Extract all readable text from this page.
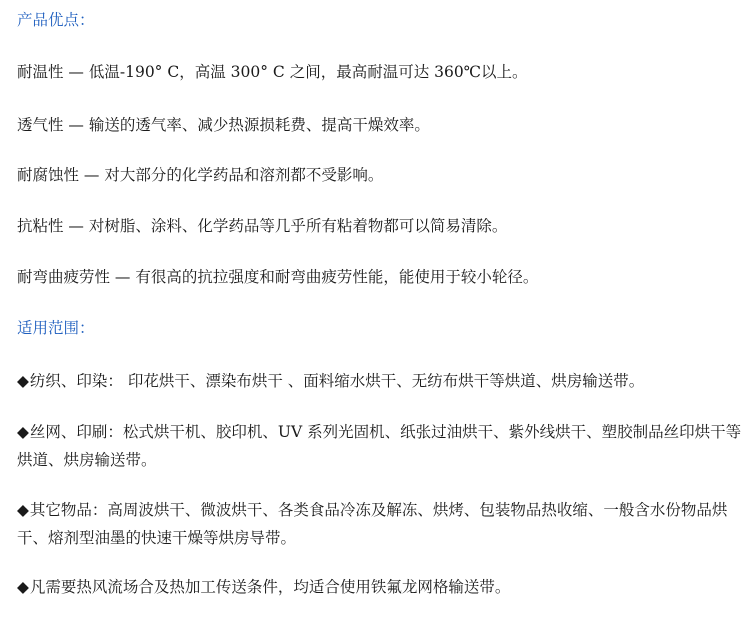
产品优点：
耐温性 — 低温-190° C，高温 300° C 之间，最高耐温可达 360℃以上。
透气性 — 输送的透气率、减少热源损耗费、提高干燥效率。
耐腐蚀性 — 对大部分的化学药品和溶剂都不受影响。
抗粘性 — 对树脂、涂料、化学药品等几乎所有粘着物都可以简易清除。
耐弯曲疲劳性 — 有很高的抗拉强度和耐弯曲疲劳性能，能使用于较小轮径。
适用范围：
◆纺织、印染： 印花烘干、漂染布烘干 、面料缩水烘干、无纺布烘干等烘道、烘房输送带。
◆丝网、印刷：松式烘干机、胶印机、UV 系列光固机、纸张过油烘干、紫外线烘干、塑胶制品丝印烘干等烘道、烘房输送带。
◆其它物品：高周波烘干、微波烘干、各类食品冷冻及解冻、烘烤、包装物品热收缩、一般含水份物品烘干、熔剂型油墨的快速干燥等烘房导带。
◆凡需要热风流场合及热加工传送条件，均适合使用铁氟龙网格输送带。
